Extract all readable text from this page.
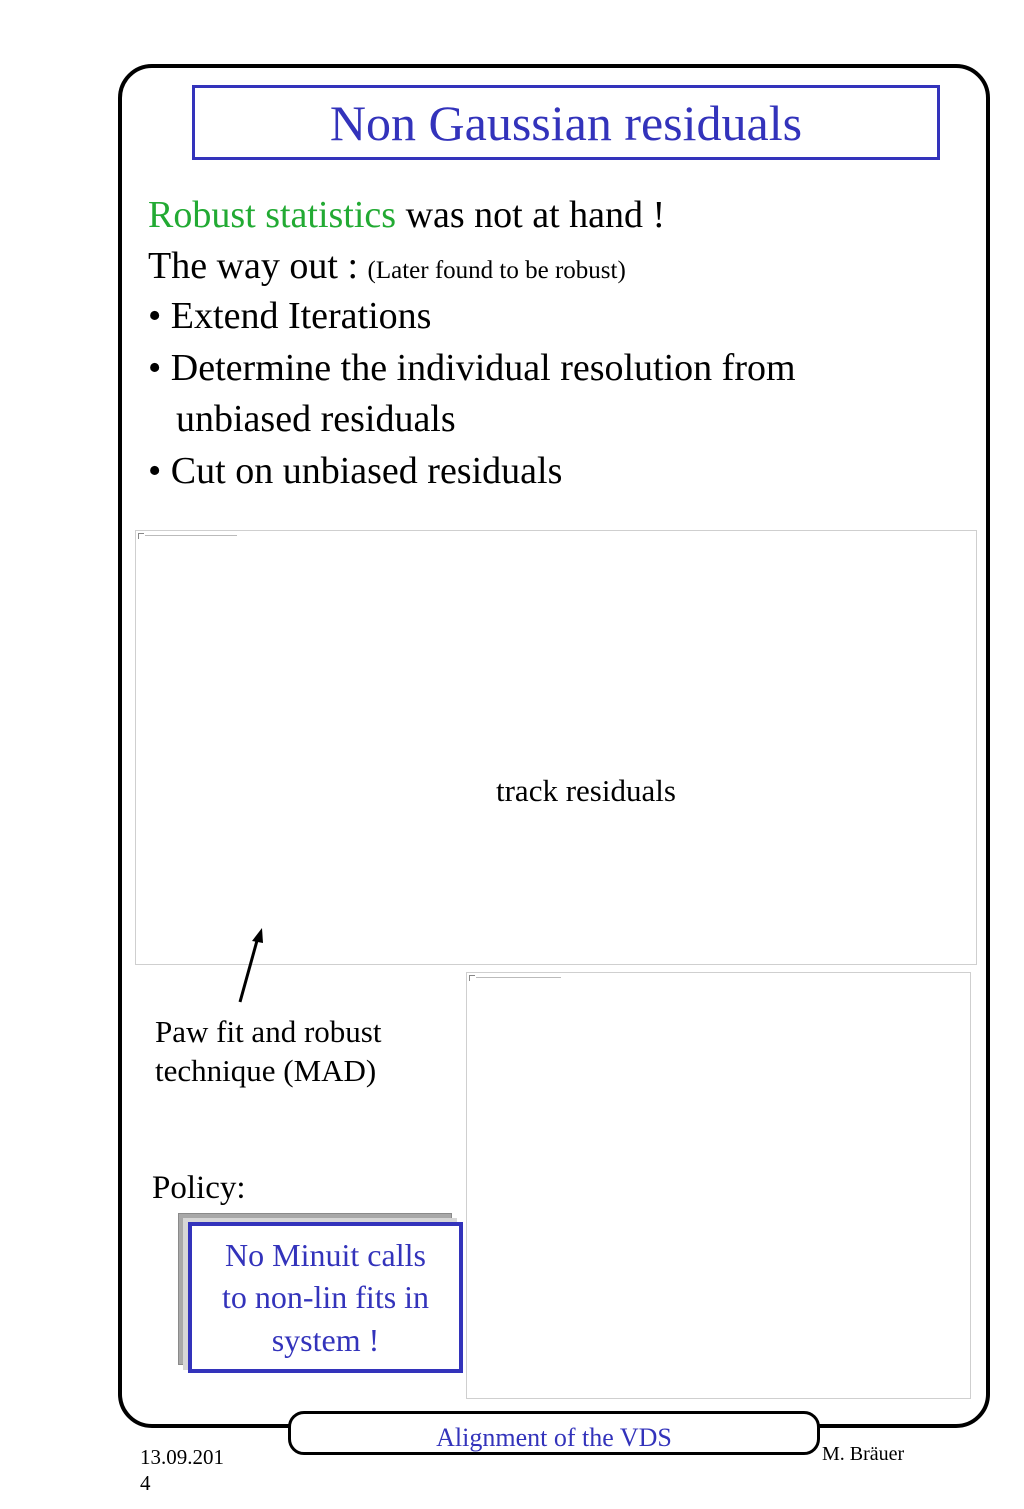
Non Gaussian residuals
Robust statistics was not at hand !
The way out : (Later found to be robust)
• Extend Iterations
• Determine the individual resolution from
unbiased residuals
• Cut on unbiased residuals
track residuals
Paw fit and robust
technique (MAD)
Policy:
No Minuit calls
to non-lin fits in
system !
Alignment of the VDS
13.09.201
4
M. Bräuer
